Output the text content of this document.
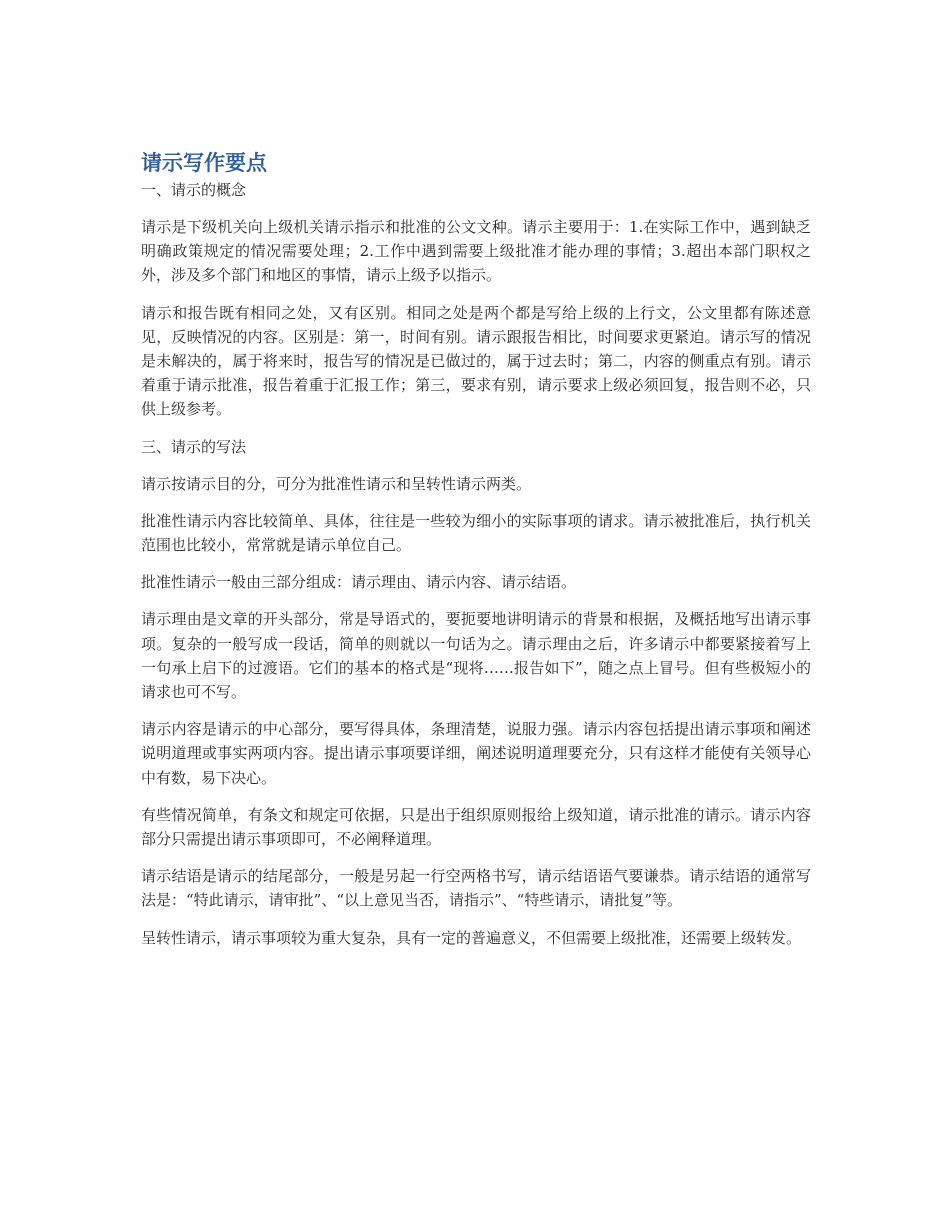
请示写作要点

一、请示的概念

请示是下级机关向上级机关请示指示和批准的公文文种。请示主要用于：1.在实际工作中，遇到缺乏明确政策规定的情况需要处理；2.工作中遇到需要上级批准才能办理的事情；3.超出本部门职权之外，涉及多个部门和地区的事情，请示上级予以指示。

请示和报告既有相同之处，又有区别。相同之处是两个都是写给上级的上行文，公文里都有陈述意见，反映情况的内容。区别是：第一，时间有别。请示跟报告相比，时间要求更紧迫。请示写的情况是未解决的，属于将来时，报告写的情况是已做过的，属于过去时；第二，内容的侧重点有别。请示着重于请示批准，报告着重于汇报工作；第三，要求有别，请示要求上级必须回复，报告则不必，只供上级参考。

三、请示的写法

请示按请示目的分，可分为批准性请示和呈转性请示两类。

批准性请示内容比较简单、具体，往往是一些较为细小的实际事项的请求。请示被批准后，执行机关范围也比较小，常常就是请示单位自己。

批准性请示一般由三部分组成：请示理由、请示内容、请示结语。

请示理由是文章的开头部分，常是导语式的，要扼要地讲明请示的背景和根据，及概括地写出请示事项。复杂的一般写成一段话，简单的则就以一句话为之。请示理由之后，许多请示中都要紧接着写上一句承上启下的过渡语。它们的基本的格式是“现将……报告如下”，随之点上冒号。但有些极短小的请求也可不写。

请示内容是请示的中心部分，要写得具体，条理清楚，说服力强。请示内容包括提出请示事项和阐述说明道理或事实两项内容。提出请示事项要详细，阐述说明道理要充分，只有这样才能使有关领导心中有数，易下决心。

有些情况简单，有条文和规定可依据，只是出于组织原则报给上级知道，请示批准的请示。请示内容部分只需提出请示事项即可，不必阐释道理。

请示结语是请示的结尾部分，一般是另起一行空两格书写，请示结语语气要谦恭。请示结语的通常写法是：“特此请示，请审批”、“以上意见当否，请指示”、“特些请示，请批复”等。

呈转性请示，请示事项较为重大复杂，具有一定的普遍意义，不但需要上级批准，还需要上级转发。
